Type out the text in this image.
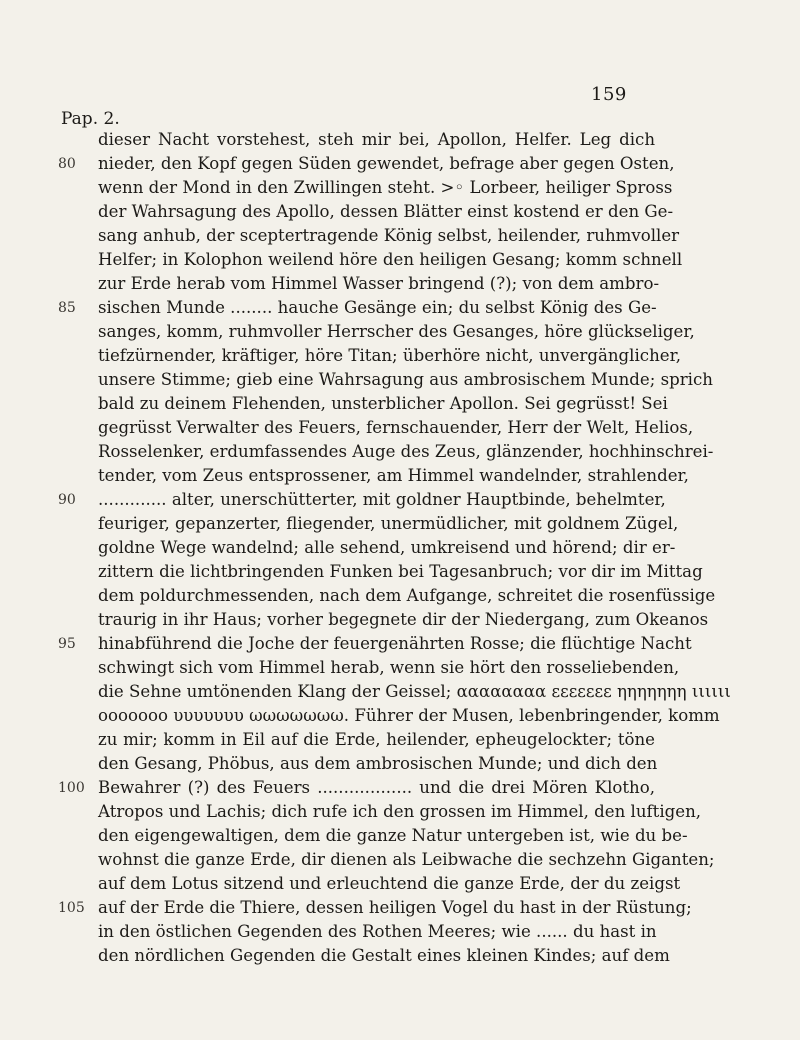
159
Pap. 2.
dieser Nacht vorstehest, steh mir bei, Apollon, Helfer. Leg dich
80	nieder, den Kopf gegen Süden gewendet, befrage aber gegen Osten,
wenn der Mond in den Zwillingen steht. >◦ Lorbeer, heiliger Spross
der Wahrsagung des Apollo, dessen Blätter einst kostend er den Ge-
sang anhub, der sceptertragende König selbst, heilender, ruhmvoller
Helfer; in Kolophon weilend höre den heiligen Gesang; komm schnell
zur Erde herab vom Himmel Wasser bringend (?); von dem ambro-
85	sischen Munde ........ hauche Gesänge ein; du selbst König des Ge-
sanges, komm, ruhmvoller Herrscher des Gesanges, höre glückseliger,
tiefzürnender, kräftiger, höre Titan; überhöre nicht, unvergänglicher,
unsere Stimme; gieb eine Wahrsagung aus ambrosischem Munde; sprich
bald zu deinem Flehenden, unsterblicher Apollon. Sei gegrüsst! Sei
gegrüsst Verwalter des Feuers, fernschauender, Herr der Welt, Helios,
Rosselenker, erdumfassendes Auge des Zeus, glänzender, hochhinschrei-
tender, vom Zeus entsprossener, am Himmel wandelnder, strahlender,
90	............. alter, unerschütterter, mit goldner Hauptbinde, behelmter,
feuriger, gepanzerter, fliegender, unermüdlicher, mit goldnem Zügel,
goldne Wege wandelnd; alle sehend, umkreisend und hörend; dir er-
zittern die lichtbringenden Funken bei Tagesanbruch; vor dir im Mittag
dem poldurchmessenden, nach dem Aufgange, schreitet die rosenfüssige
traurig in ihr Haus; vorher begegnete dir der Niedergang, zum Okeanos
95	hinabführend die Joche der feuergenährten Rosse; die flüchtige Nacht
schwingt sich vom Himmel herab, wenn sie hört den rosseliebenden,
die Sehne umtönenden Klang der Geissel; αααααααα εεεεεεε ηηηηηηη ιιιιιι
οοοοοοο υυυυυυυ ωωωωωωω. Führer der Musen, lebenbringender, komm
zu mir; komm in Eil auf die Erde, heilender, epheugelockter; töne
den Gesang, Phöbus, aus dem ambrosischen Munde; und dich den
100 Bewahrer (?) des Feuers .................. und die drei Mören Klotho,
Atropos und Lachis; dich rufe ich den grossen im Himmel, den luftigen,
den eigengewaltigen, dem die ganze Natur untergeben ist, wie du be-
wohnst die ganze Erde, dir dienen als Leibwache die sechzehn Giganten;
auf dem Lotus sitzend und erleuchtend die ganze Erde, der du zeigst
105 auf der Erde die Thiere, dessen heiligen Vogel du hast in der Rüstung;
in den östlichen Gegenden des Rothen Meeres; wie ...... du hast in
den nördlichen Gegenden die Gestalt eines kleinen Kindes; auf dem
